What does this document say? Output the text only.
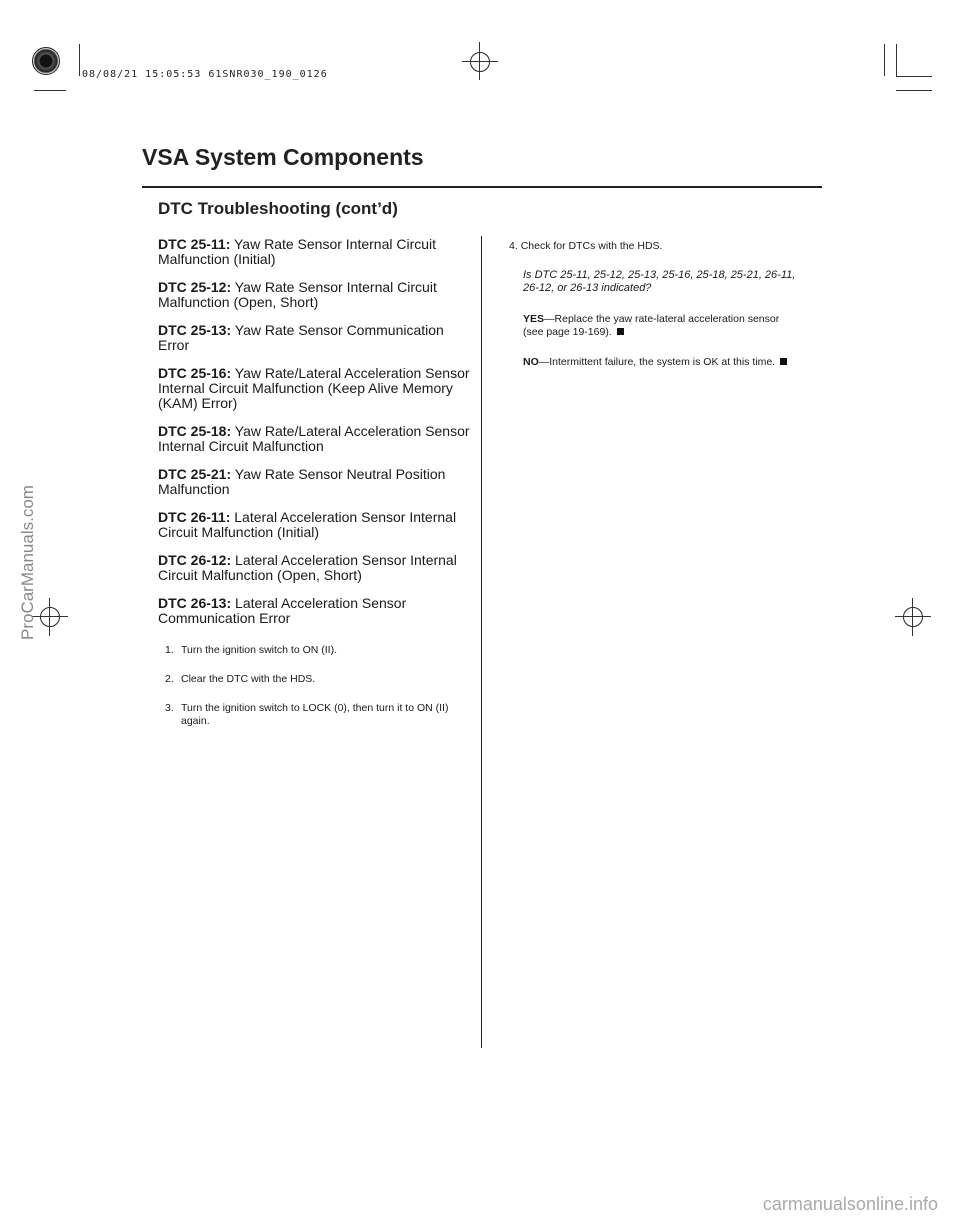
08/08/21 15:05:53 61SNR030_190_0126
ProCarManuals.com
VSA System Components
DTC Troubleshooting (cont’d)
DTC 25-11: Yaw Rate Sensor Internal Circuit Malfunction (Initial)
DTC 25-12: Yaw Rate Sensor Internal Circuit Malfunction (Open, Short)
DTC 25-13: Yaw Rate Sensor Communication Error
DTC 25-16: Yaw Rate/Lateral Acceleration Sensor Internal Circuit Malfunction (Keep Alive Memory (KAM) Error)
DTC 25-18: Yaw Rate/Lateral Acceleration Sensor Internal Circuit Malfunction
DTC 25-21: Yaw Rate Sensor Neutral Position Malfunction
DTC 26-11: Lateral Acceleration Sensor Internal Circuit Malfunction (Initial)
DTC 26-12: Lateral Acceleration Sensor Internal Circuit Malfunction (Open, Short)
DTC 26-13: Lateral Acceleration Sensor Communication Error
1. Turn the ignition switch to ON (II).
2. Clear the DTC with the HDS.
3. Turn the ignition switch to LOCK (0), then turn it to ON (II) again.
4. Check for DTCs with the HDS.
Is DTC 25-11, 25-12, 25-13, 25-16, 25-18, 25-21, 26-11, 26-12, or 26-13 indicated?
YES—Replace the yaw rate-lateral acceleration sensor (see page 19-169).
NO—Intermittent failure, the system is OK at this time.
carmanualsonline.info
